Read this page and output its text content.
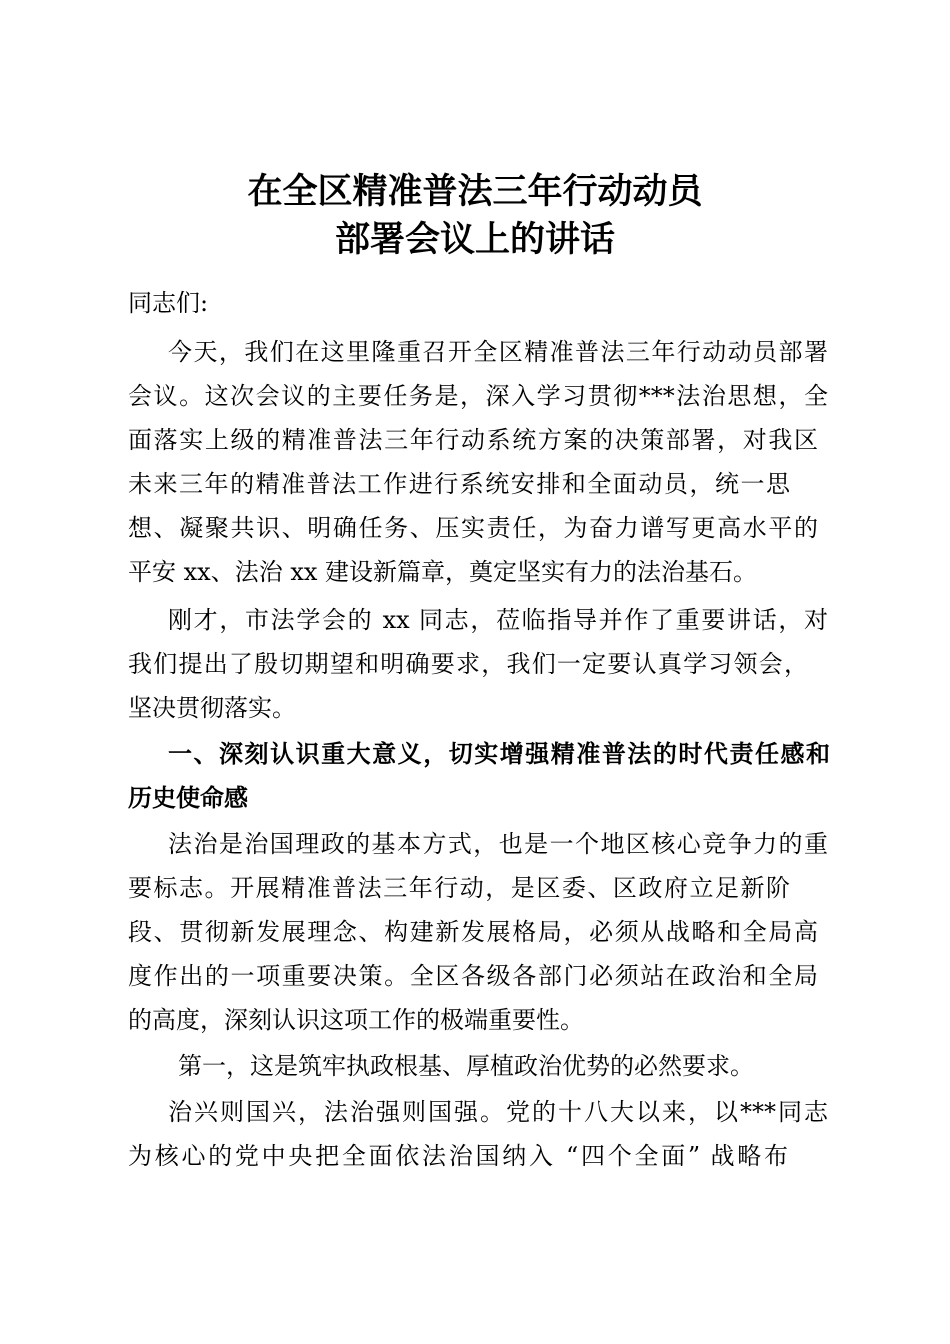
在全区精准普法三年行动动员
部署会议上的讲话

同志们:

今天，我们在这里隆重召开全区精准普法三年行动动员部署

会议。这次会议的主要任务是，深入学习贯彻***法治思想，全

面落实上级的精准普法三年行动系统方案的决策部署，对我区

未来三年的精准普法工作进行系统安排和全面动员，统一思

想、凝聚共识、明确任务、压实责任，为奋力谱写更高水平的

平安 xx、法治 xx 建设新篇章，奠定坚实有力的法治基石。

刚才，市法学会的 xx 同志，莅临指导并作了重要讲话，对

我们提出了殷切期望和明确要求，我们一定要认真学习领会，

坚决贯彻落实。

一、深刻认识重大意义，切实增强精准普法的时代责任感和

历史使命感

法治是治国理政的基本方式，也是一个地区核心竞争力的重

要标志。开展精准普法三年行动，是区委、区政府立足新阶

段、贯彻新发展理念、构建新发展格局，必须从战略和全局高

度作出的一项重要决策。全区各级各部门必须站在政治和全局

的高度，深刻认识这项工作的极端重要性。

第一，这是筑牢执政根基、厚植政治优势的必然要求。

治兴则国兴，法治强则国强。党的十八大以来，以***同志

为核心的党中央把全面依法治国纳入 “四个全面” 战略布
